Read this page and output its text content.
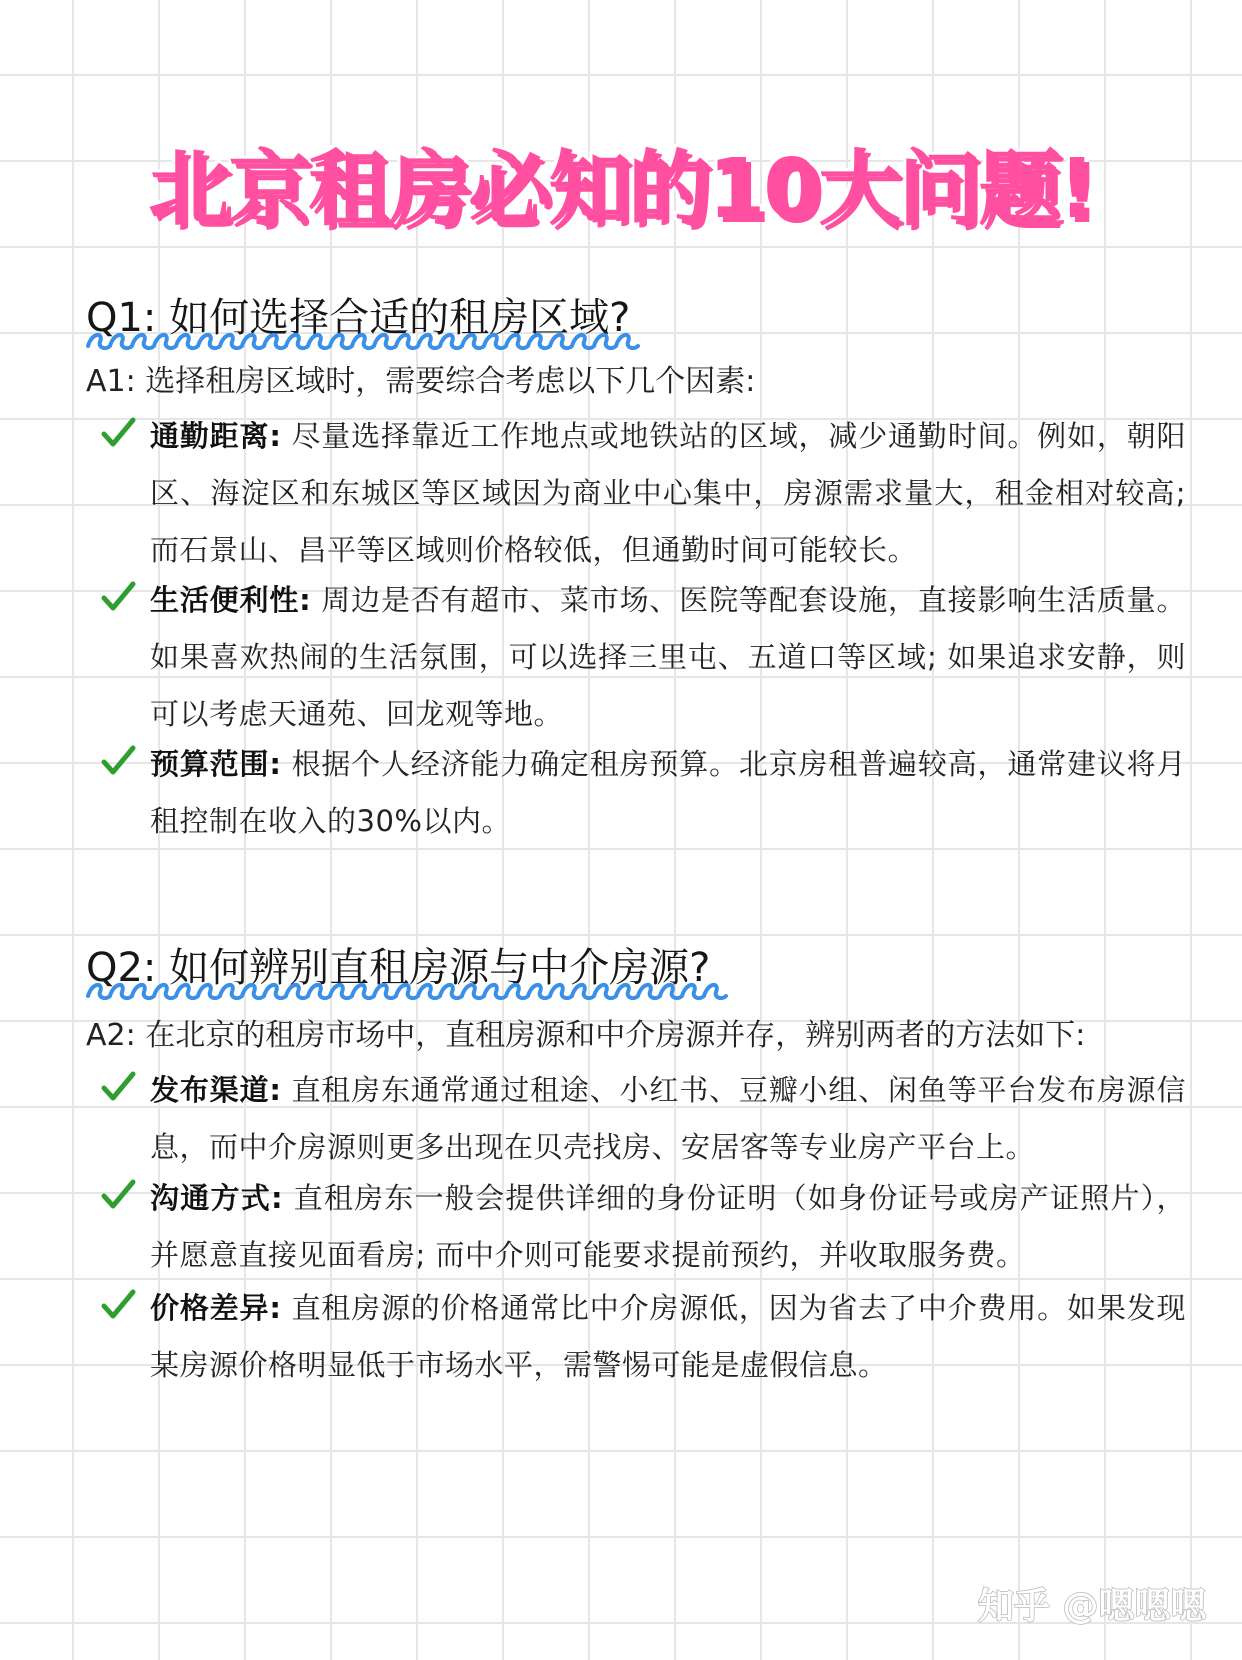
北京租房必知的10大问题!
Q1: 如何选择合适的租房区域?
A1: 选择租房区域时，需要综合考虑以下几个因素:
通勤距离: 尽量选择靠近工作地点或地铁站的区域，减少通勤时间。例如，朝阳区、海淀区和东城区等区域因为商业中心集中，房源需求量大，租金相对较高; 而石景山、昌平等区域则价格较低，但通勤时间可能较长。
生活便利性: 周边是否有超市、菜市场、医院等配套设施，直接影响生活质量。如果喜欢热闹的生活氛围，可以选择三里屯、五道口等区域; 如果追求安静，则可以考虑天通苑、回龙观等地。
预算范围: 根据个人经济能力确定租房预算。北京房租普遍较高，通常建议将月租控制在收入的30%以内。
Q2: 如何辨别直租房源与中介房源?
A2: 在北京的租房市场中，直租房源和中介房源并存，辨别两者的方法如下:
发布渠道: 直租房东通常通过租途、小红书、豆瓣小组、闲鱼等平台发布房源信息，而中介房源则更多出现在贝壳找房、安居客等专业房产平台上。
沟通方式: 直租房东一般会提供详细的身份证明（如身份证号或房产证照片），并愿意直接见面看房; 而中介则可能要求提前预约，并收取服务费。
价格差异: 直租房源的价格通常比中介房源低，因为省去了中介费用。如果发现某房源价格明显低于市场水平，需警惕可能是虚假信息。
知乎 @嗯嗯嗯
